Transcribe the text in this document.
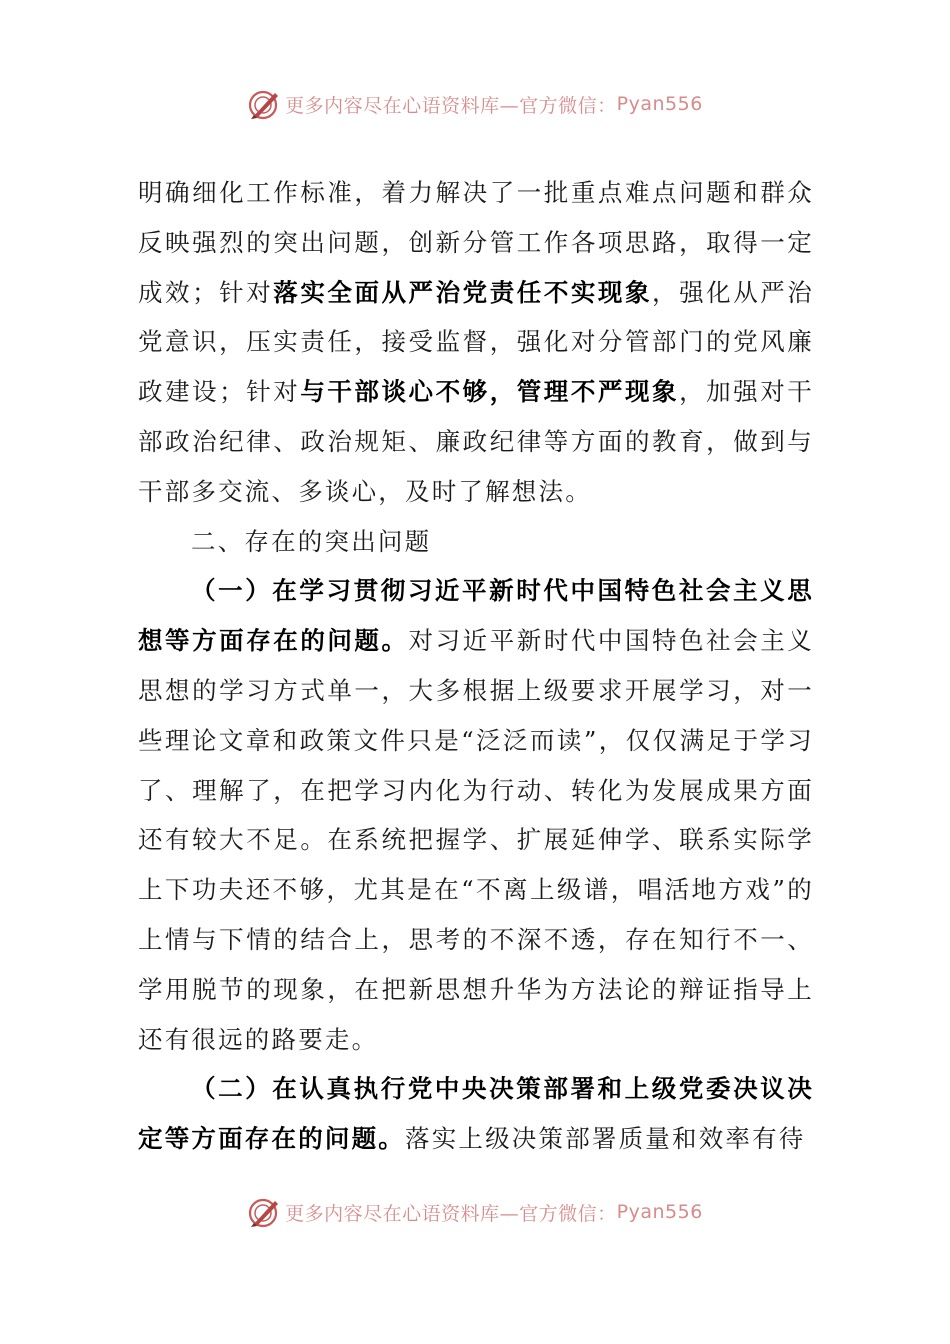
更多内容尽在心语资料库—官方微信： Pyan556

明确细化工作标准，着力解决了一批重点难点问题和群众反映强烈的突出问题，创新分管工作各项思路，取得一定成效；针对落实全面从严治党责任不实现象，强化从严治党意识，压实责任，接受监督，强化对分管部门的党风廉政建设；针对与干部谈心不够，管理不严现象，加强对干部政治纪律、政治规矩、廉政纪律等方面的教育，做到与干部多交流、多谈心，及时了解想法。

二、存在的突出问题

（一）在学习贯彻习近平新时代中国特色社会主义思想等方面存在的问题。对习近平新时代中国特色社会主义思想的学习方式单一，大多根据上级要求开展学习，对一些理论文章和政策文件只是“泛泛而读”，仅仅满足于学习了、理解了，在把学习内化为行动、转化为发展成果方面还有较大不足。在系统把握学、扩展延伸学、联系实际学上下功夫还不够，尤其是在“不离上级谱，唱活地方戏”的上情与下情的结合上，思考的不深不透，存在知行不一、学用脱节的现象，在把新思想升华为方法论的辩证指导上还有很远的路要走。

（二）在认真执行党中央决策部署和上级党委决议决定等方面存在的问题。落实上级决策部署质量和效率有待

更多内容尽在心语资料库—官方微信： Pyan556
